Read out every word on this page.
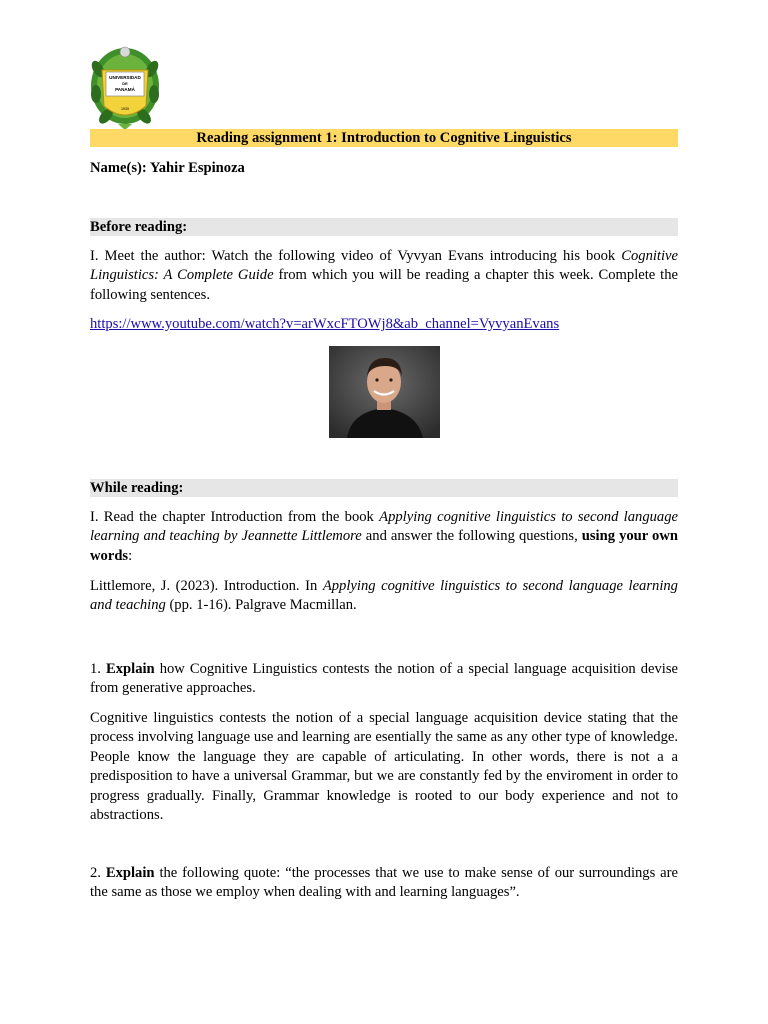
UNIVERSIDAD
DE
PANAMÁ
1935
Reading assignment 1: Introduction to Cognitive Linguistics
Name(s): Yahir Espinoza
Before reading:
I. Meet the author: Watch the following video of Vyvyan Evans introducing his book Cognitive Linguistics: A Complete Guide from which you will be reading a chapter this week. Complete the following sentences.
https://www.youtube.com/watch?v=arWxcFTOWj8&ab_channel=VyvyanEvans
While reading:
I. Read the chapter Introduction from the book Applying cognitive linguistics to second language learning and teaching by Jeannette Littlemore and answer the following questions, using your own words:
Littlemore, J. (2023). Introduction. In Applying cognitive linguistics to second language learning and teaching (pp. 1-16). Palgrave Macmillan.
1. Explain how Cognitive Linguistics contests the notion of a special language acquisition devise from generative approaches.
Cognitive linguistics contests the notion of a special language acquisition device stating that the process involving language use and learning are esentially the same as any other type of knowledge. People know the language they are capable of articulating. In other words, there is not a a predisposition to have a universal Grammar, but we are constantly fed by the enviroment in order to progress gradually. Finally, Grammar knowledge is rooted to our body experience and not to abstractions.
2. Explain the following quote: “the processes that we use to make sense of our surroundings are the same as those we employ when dealing with and learning languages”.
